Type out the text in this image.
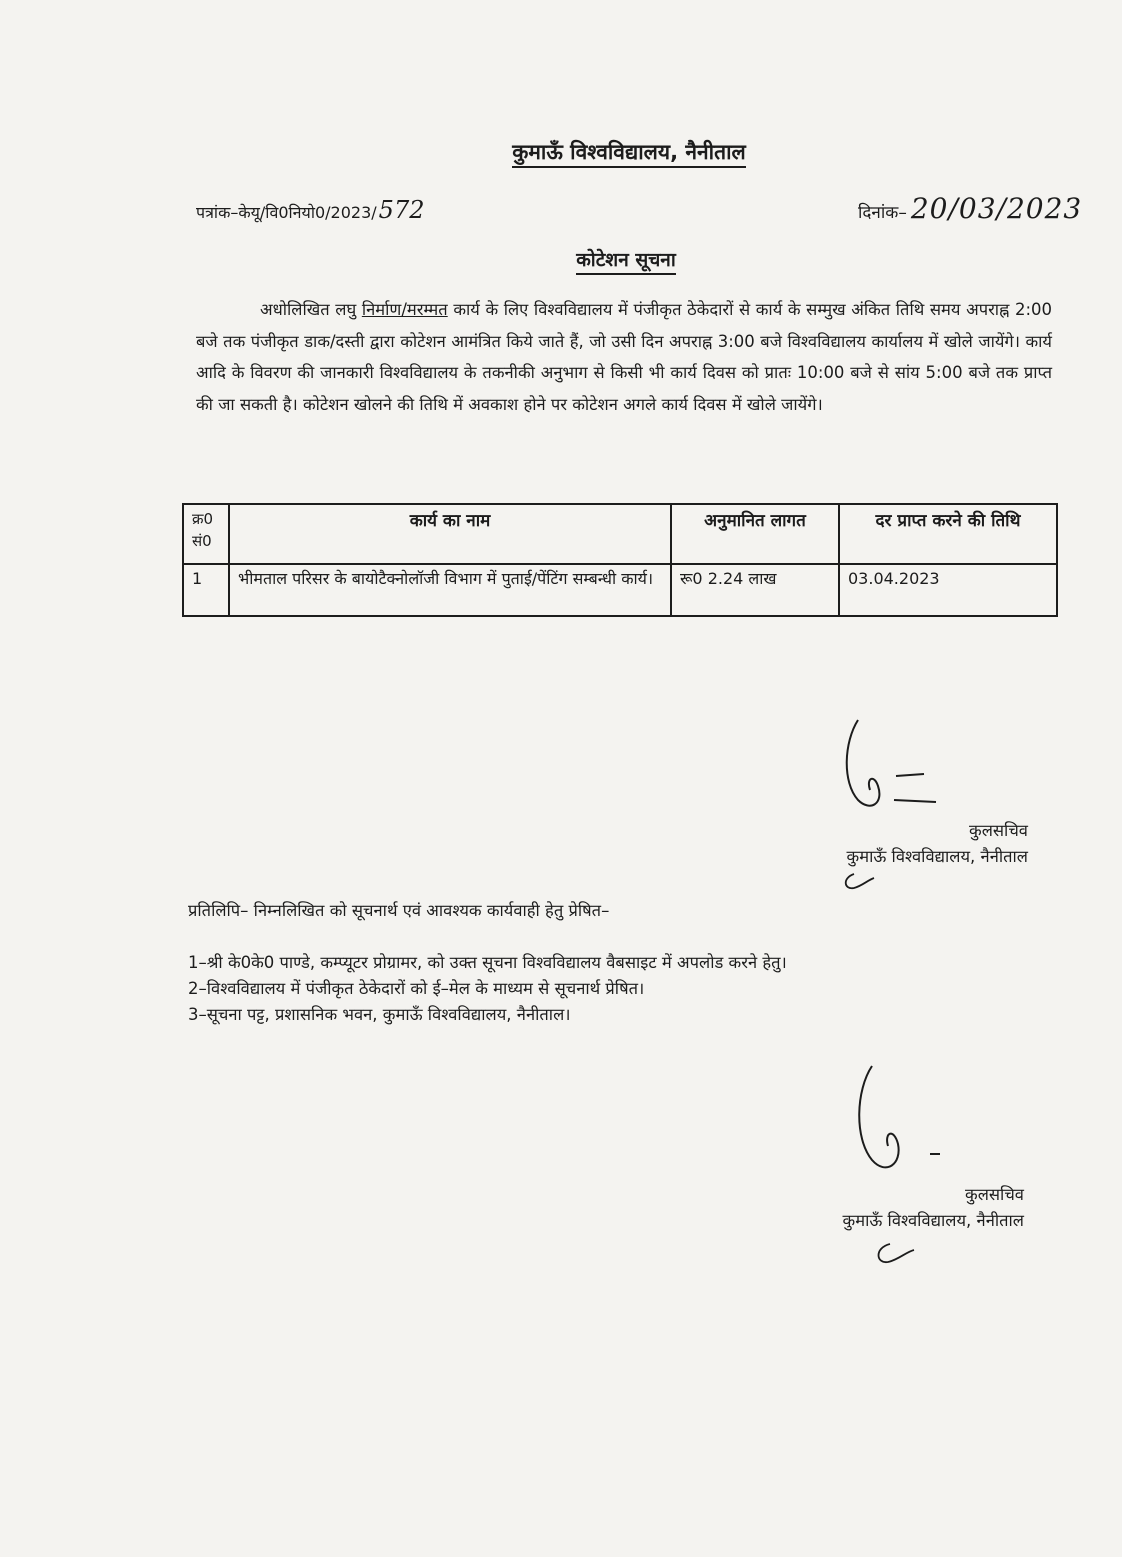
कुमाऊँ विश्वविद्यालय, नैनीताल
पत्रांक–केयू/वि0नियो0/2023/572	दिनांक– 20/03/2023
कोटेशन सूचना
अधोलिखित लघु निर्माण/मरम्मत कार्य के लिए विश्वविद्यालय में पंजीकृत ठेकेदारों से कार्य के सम्मुख अंकित तिथि समय अपराह्न 2:00 बजे तक पंजीकृत डाक/दस्ती द्वारा कोटेशन आमंत्रित किये जाते हैं, जो उसी दिन अपराह्न 3:00 बजे विश्वविद्यालय कार्यालय में खोले जायेंगे। कार्य आदि के विवरण की जानकारी विश्वविद्यालय के तकनीकी अनुभाग से किसी भी कार्य दिवस को प्रातः 10:00 बजे से सांय 5:00 बजे तक प्राप्त की जा सकती है। कोटेशन खोलने की तिथि में अवकाश होने पर कोटेशन अगले कार्य दिवस में खोले जायेंगे।
क्र0
सं0	कार्य का नाम	अनुमानित लागत	दर प्राप्त करने की तिथि
1	भीमताल परिसर के बायोटैक्नोलॉजी विभाग में पुताई/पेंटिंग सम्बन्धी कार्य।	रू0 2.24 लाख	03.04.2023
कुलसचिव
कुमाऊँ विश्वविद्यालय, नैनीताल
प्रतिलिपि– निम्नलिखित को सूचनार्थ एवं आवश्यक कार्यवाही हेतु प्रेषित–
1–श्री के0के0 पाण्डे, कम्प्यूटर प्रोग्रामर, को उक्त सूचना विश्वविद्यालय वैबसाइट में अपलोड करने हेतु।
2–विश्वविद्यालय में पंजीकृत ठेकेदारों को ई–मेल के माध्यम से सूचनार्थ प्रेषित।
3–सूचना पट्ट, प्रशासनिक भवन, कुमाऊँ विश्वविद्यालय, नैनीताल।
कुलसचिव
कुमाऊँ विश्वविद्यालय, नैनीताल
